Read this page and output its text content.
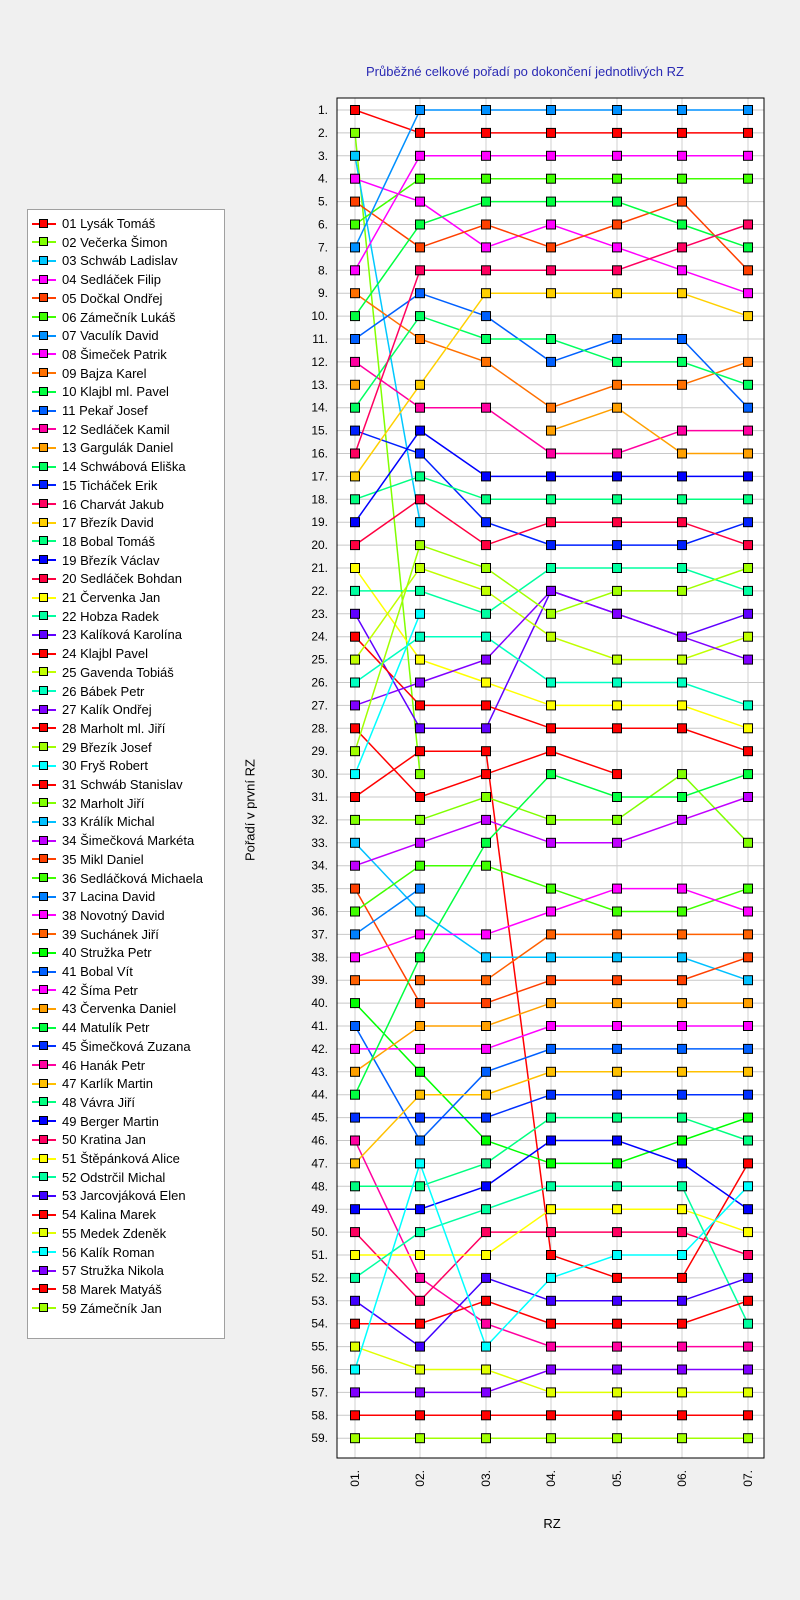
Průběžné celkové pořadí po dokončení jednotlivých RZ
Pořadí v první RZ
01 Lysák Tomáš
02 Večerka Šimon
03 Schwáb Ladislav
04 Sedláček Filip
05 Dočkal Ondřej
06 Zámečník Lukáš
07 Vaculík David
08 Šimeček Patrik
09 Bajza Karel
10 Klajbl ml. Pavel
11 Pekař Josef
12 Sedláček Kamil
13 Gargulák Daniel
14 Schwábová Eliška
15 Ticháček Erik
16 Charvát Jakub
17 Březík David
18 Bobal Tomáš
19 Březík Václav
20 Sedláček Bohdan
21 Červenka Jan
22 Hobza Radek
23 Kalíková Karolína
24 Klajbl Pavel
25 Gavenda Tobiáš
26 Bábek Petr
27 Kalík Ondřej
28 Marholt ml. Jiří
29 Březík Josef
30 Fryš Robert
31 Schwáb Stanislav
32 Marholt Jiří
33 Králík Michal
34 Šimečková Markéta
35 Mikl Daniel
36 Sedláčková Michaela
37 Lacina David
38 Novotný David
39 Suchánek Jiří
40 Stružka Petr
41 Bobal Vít
42 Šíma Petr
43 Červenka Daniel
44 Matulík Petr
45 Šimečková Zuzana
46 Hanák Petr
47 Karlík Martin
48 Vávra Jiří
49 Berger Martin
50 Kratina Jan
51 Štěpánková Alice
52 Odstrčil Michal
53 Jarcovjáková Elen
54 Kalina Marek
55 Medek Zdeněk
56 Kalík Roman
57 Stružka Nikola
58 Marek Matyáš
59 Zámečník Jan
1.
2.
3.
4.
5.
6.
7.
8.
9.
10.
11.
12.
13.
14.
15.
16.
17.
18.
19.
20.
21.
22.
23.
24.
25.
26.
27.
28.
29.
30.
31.
32.
33.
34.
35.
36.
37.
38.
39.
40.
41.
42.
43.
44.
45.
46.
47.
48.
49.
50.
51.
52.
53.
54.
55.
56.
57.
58.
59.
01.	02.	03.	04.	05.	06.	07.
RZ
